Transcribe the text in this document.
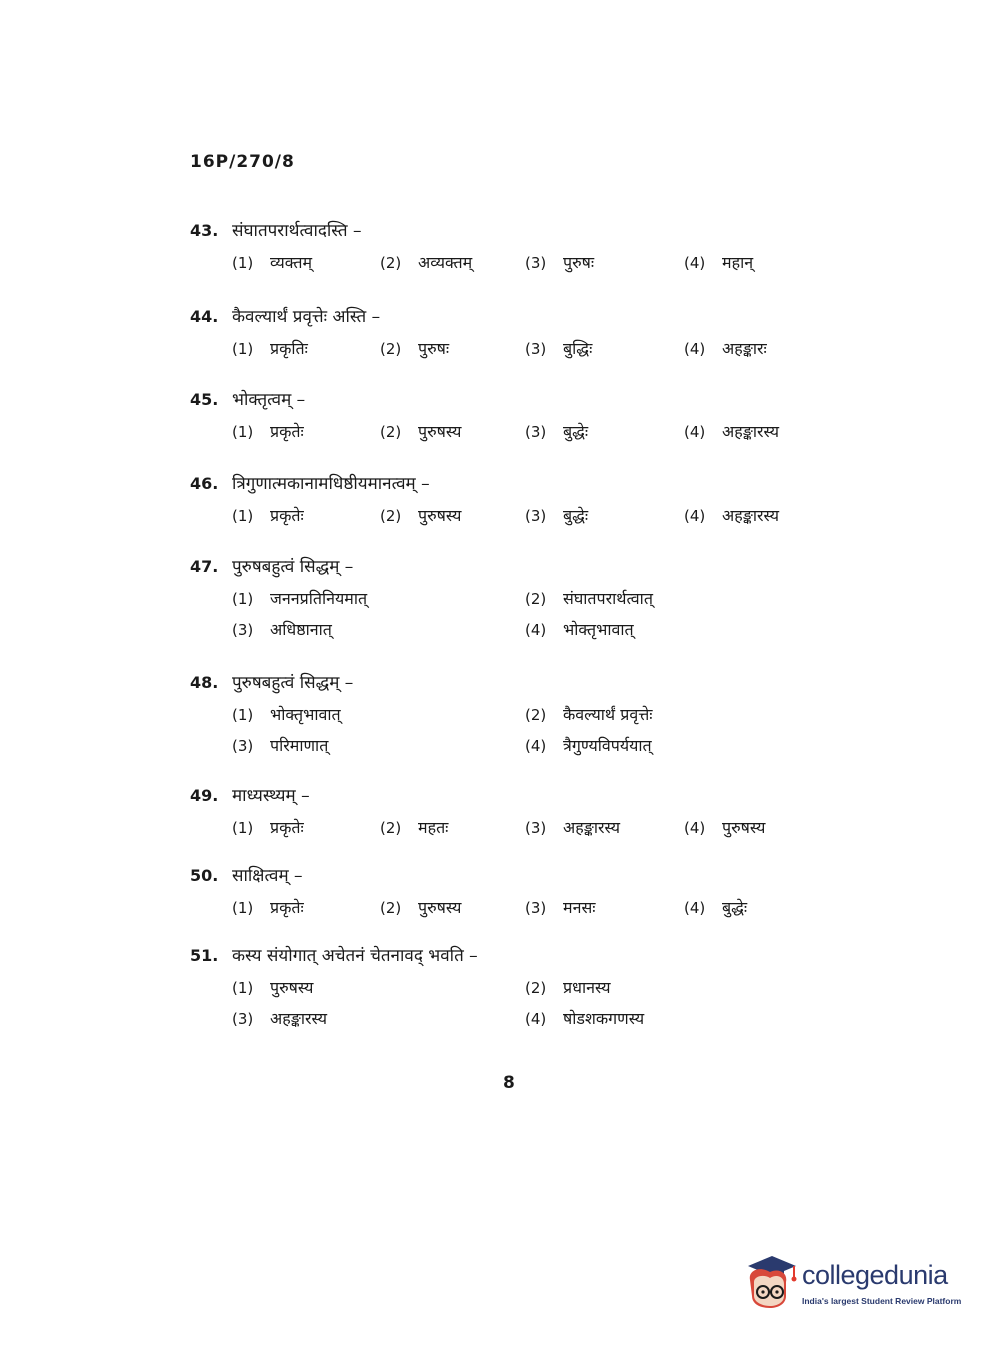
16P/270/8
43. संघातपरार्थत्वादस्ति –
(1) व्यक्तम्	(2) अव्यक्तम्	(3) पुरुषः	(4) महान्
44. कैवल्यार्थं प्रवृत्तेः अस्ति –
(1) प्रकृतिः	(2) पुरुषः	(3) बुद्धिः	(4) अहङ्कारः
45. भोक्तृत्वम् –
(1) प्रकृतेः	(2) पुरुषस्य	(3) बुद्धेः	(4) अहङ्कारस्य
46. त्रिगुणात्मकानामधिष्ठीयमानत्वम् –
(1) प्रकृतेः	(2) पुरुषस्य	(3) बुद्धेः	(4) अहङ्कारस्य
47. पुरुषबहुत्वं सिद्धम् –
(1) जननप्रतिनियमात्	(2) संघातपरार्थत्वात्
(3) अधिष्ठानात्	(4) भोक्तृभावात्
48. पुरुषबहुत्वं सिद्धम् –
(1) भोक्तृभावात्	(2) कैवल्यार्थं प्रवृत्तेः
(3) परिमाणात्	(4) त्रैगुण्यविपर्ययात्
49. माध्यस्थ्यम् –
(1) प्रकृतेः	(2) महतः	(3) अहङ्कारस्य	(4) पुरुषस्य
50. साक्षित्वम् –
(1) प्रकृतेः	(2) पुरुषस्य	(3) मनसः	(4) बुद्धेः
51. कस्य संयोगात् अचेतनं चेतनावद् भवति –
(1) पुरुषस्य	(2) प्रधानस्य
(3) अहङ्कारस्य	(4) षोडशकगणस्य
8
collegedunia
India's largest Student Review Platform
